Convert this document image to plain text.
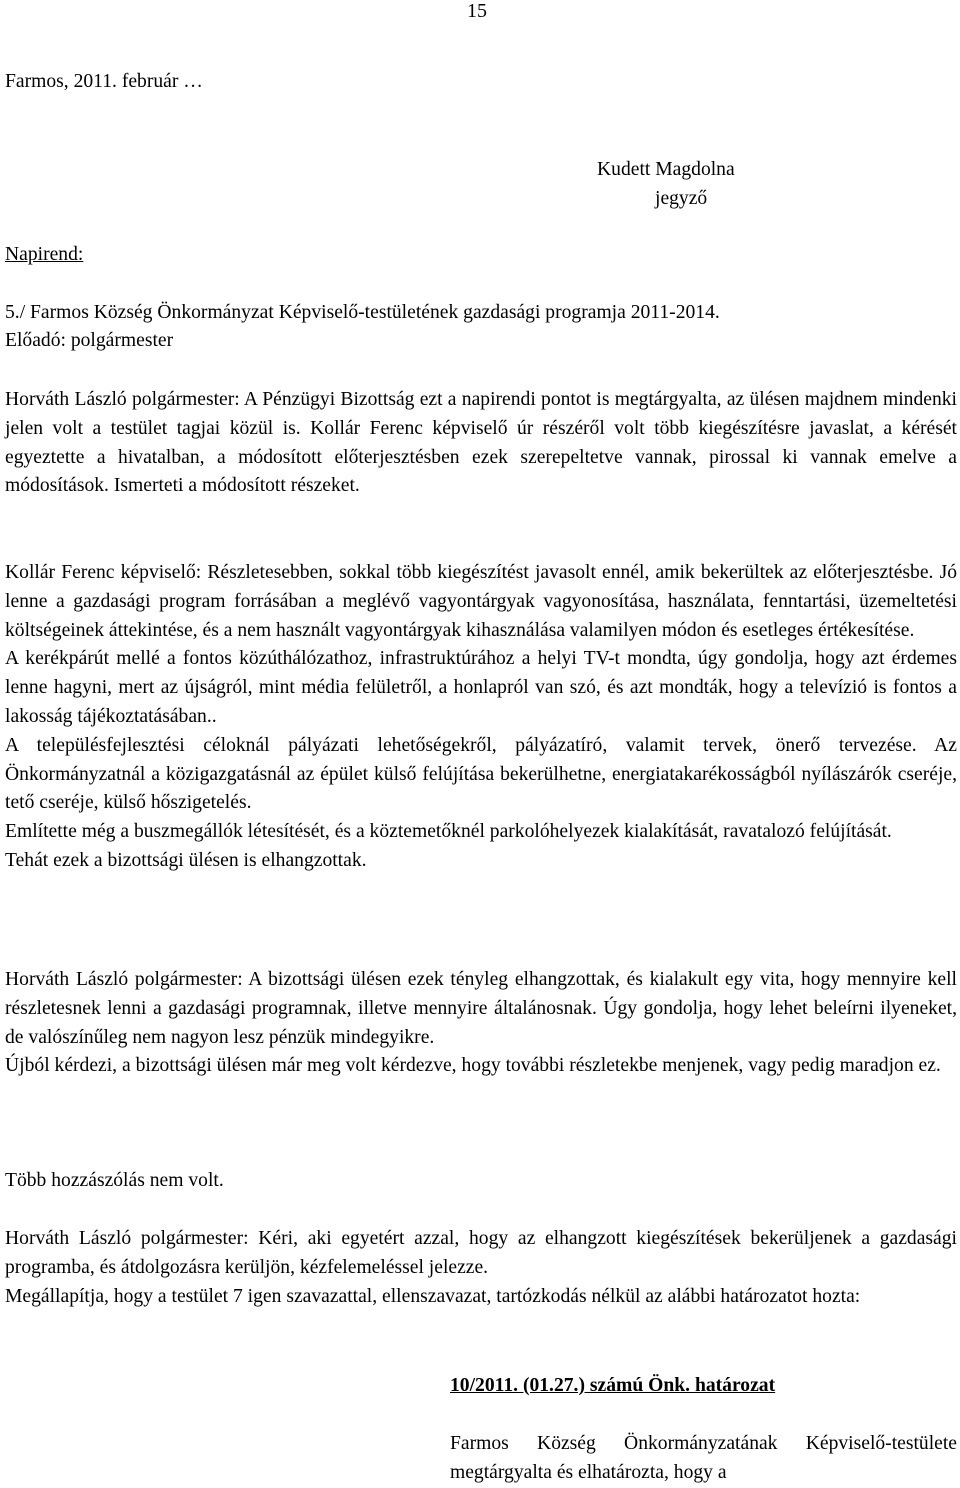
15
Farmos, 2011. február …
Kudett Magdolna
jegyző
Napirend:
5./ Farmos Község Önkormányzat Képviselő-testületének gazdasági programja 2011-2014.
Előadó: polgármester

Horváth László polgármester: A Pénzügyi Bizottság ezt a napirendi pontot is megtárgyalta, az ülésen majdnem mindenki jelen volt a testület tagjai közül is. Kollár Ferenc képviselő úr részéről volt több kiegészítésre javaslat, a kérését egyeztette a hivatalban, a módosított előterjesztésben ezek szerepeltetve vannak, pirossal ki vannak emelve a módosítások. Ismerteti a módosított részeket.

Kollár Ferenc képviselő: Részletesebben, sokkal több kiegészítést javasolt ennél, amik bekerültek az előterjesztésbe. Jó lenne a gazdasági program forrásában a meglévő vagyontárgyak vagyonosítása, használata, fenntartási, üzemeltetési költségeinek áttekintése, és a nem használt vagyontárgyak kihasználása valamilyen módon és esetleges értékesítése.

A kerékpárút mellé a fontos közúthálózathoz, infrastruktúrához a helyi TV-t mondta, úgy gondolja, hogy azt érdemes lenne hagyni, mert az újságról, mint média felületről, a honlapról van szó, és azt mondták, hogy a televízió is fontos a lakosság tájékoztatásában..

A településfejlesztési céloknál pályázati lehetőségekről, pályázatíró, valamit tervek, önerő tervezése. Az Önkormányzatnál a közigazgatásnál az épület külső felújítása bekerülhetne, energiatakarékosságból nyílászárók cseréje, tető cseréje, külső hőszigetelés.

Említette még a buszmegállók létesítését, és a köztemetőknél parkolóhelyezek kialakítását, ravatalozó felújítását.

Tehát ezek a bizottsági ülésen is elhangzottak.

Horváth László polgármester: A bizottsági ülésen ezek tényleg elhangzottak, és kialakult egy vita, hogy mennyire kell részletesnek lenni a gazdasági programnak, illetve mennyire általánosnak. Úgy gondolja, hogy lehet beleírni ilyeneket, de valószínűleg nem nagyon lesz pénzük mindegyikre.

Újból kérdezi, a bizottsági ülésen már meg volt kérdezve, hogy további részletekbe menjenek, vagy pedig maradjon ez.

Több hozzászólás nem volt.

Horváth László polgármester: Kéri, aki egyetért azzal, hogy az elhangzott kiegészítések bekerüljenek a gazdasági programba, és átdolgozásra kerüljön, kézfelemeléssel jelezze.

Megállapítja, hogy a testület 7 igen szavazattal, ellenszavazat, tartózkodás nélkül az alábbi határozatot hozta:

10/2011. (01.27.) számú Önk. határozat
Farmos Község Önkormányzatának Képviselő-testülete megtárgyalta és elhatározta, hogy a
